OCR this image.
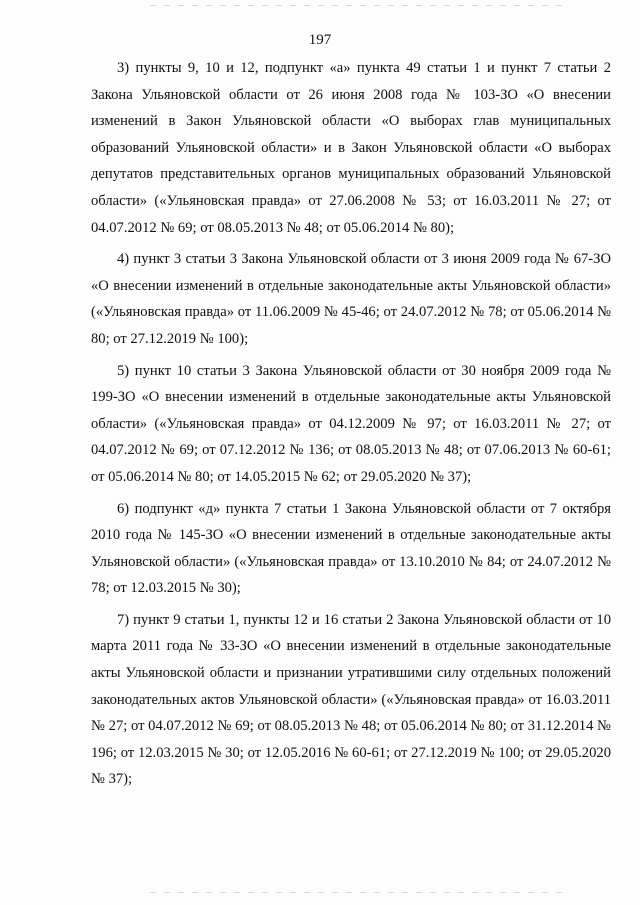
197

3) пункты 9, 10 и 12, подпункт «а» пункта 49 статьи 1 и пункт 7 статьи 2 Закона Ульяновской области от 26 июня 2008 года № 103-ЗО «О внесении изменений в Закон Ульяновской области «О выборах глав муниципальных образований Ульяновской области» и в Закон Ульяновской области «О выборах депутатов представительных органов муниципальных образований Ульяновской области» («Ульяновская правда» от 27.06.2008 № 53; от 16.03.2011 № 27; от 04.07.2012 № 69; от 08.05.2013 № 48; от 05.06.2014 № 80);

4) пункт 3 статьи 3 Закона Ульяновской области от 3 июня 2009 года № 67-ЗО «О внесении изменений в отдельные законодательные акты Ульяновской области» («Ульяновская правда» от 11.06.2009 № 45-46; от 24.07.2012 № 78; от 05.06.2014 № 80; от 27.12.2019 № 100);

5) пункт 10 статьи 3 Закона Ульяновской области от 30 ноября 2009 года № 199-ЗО «О внесении изменений в отдельные законодательные акты Ульяновской области» («Ульяновская правда» от 04.12.2009 № 97; от 16.03.2011 № 27; от 04.07.2012 № 69; от 07.12.2012 № 136; от 08.05.2013 № 48; от 07.06.2013 № 60-61; от 05.06.2014 № 80; от 14.05.2015 № 62; от 29.05.2020 № 37);

6) подпункт «д» пункта 7 статьи 1 Закона Ульяновской области от 7 октября 2010 года № 145-ЗО «О внесении изменений в отдельные законодательные акты Ульяновской области» («Ульяновская правда» от 13.10.2010 № 84; от 24.07.2012 № 78; от 12.03.2015 № 30);

7) пункт 9 статьи 1, пункты 12 и 16 статьи 2 Закона Ульяновской области от 10 марта 2011 года № 33-ЗО «О внесении изменений в отдельные законодательные акты Ульяновской области и признании утратившими силу отдельных положений законодательных актов Ульяновской области» («Ульяновская правда» от 16.03.2011 № 27; от 04.07.2012 № 69; от 08.05.2013 № 48; от 05.06.2014 № 80; от 31.12.2014 № 196; от 12.03.2015 № 30; от 12.05.2016 № 60-61; от 27.12.2019 № 100; от 29.05.2020 № 37);
